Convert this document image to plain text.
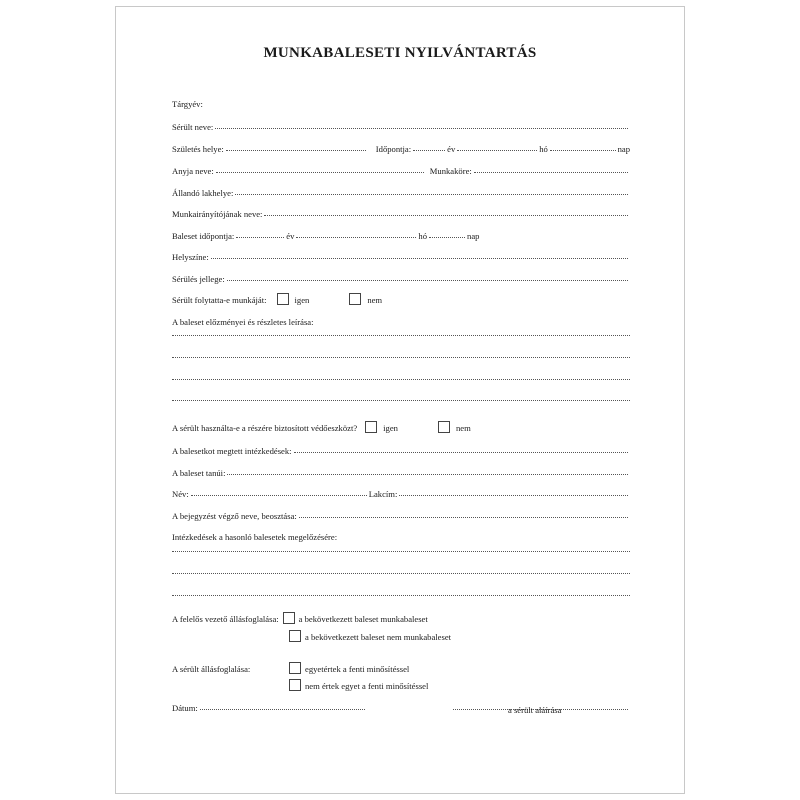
MUNKABALESETI NYILVÁNTARTÁS
Tárgyév:
Sérült neve:
Születés helye:	Időpontja:	év	hó	nap
Anyja neve:	Munkaköre:
Állandó lakhelye:
Munkairányítójának neve:
Baleset időpontja:	év	hó	nap
Helyszíne:
Sérülés jellege:
Sérült folytatta-e munkáját:	igen	nem
A baleset előzményei és részletes leírása:
A sérült használta-e a részére biztosított védőeszközt?	igen	nem
A balesetkot megtett intézkedések:
A baleset tanúi:
Név:	Lakcím:
A bejegyzést végző neve, beosztása:
Intézkedések a hasonló balesetek megelőzésére:
A felelős vezető állásfoglalása: a bekövetkezett baleset munkabaleset
a bekövetkezett baleset nem munkabaleset
A sérült állásfoglalása:	egyetértek a fenti minősítéssel
nem értek egyet a fenti minősítéssel
Dátum:	a sérült aláírása
